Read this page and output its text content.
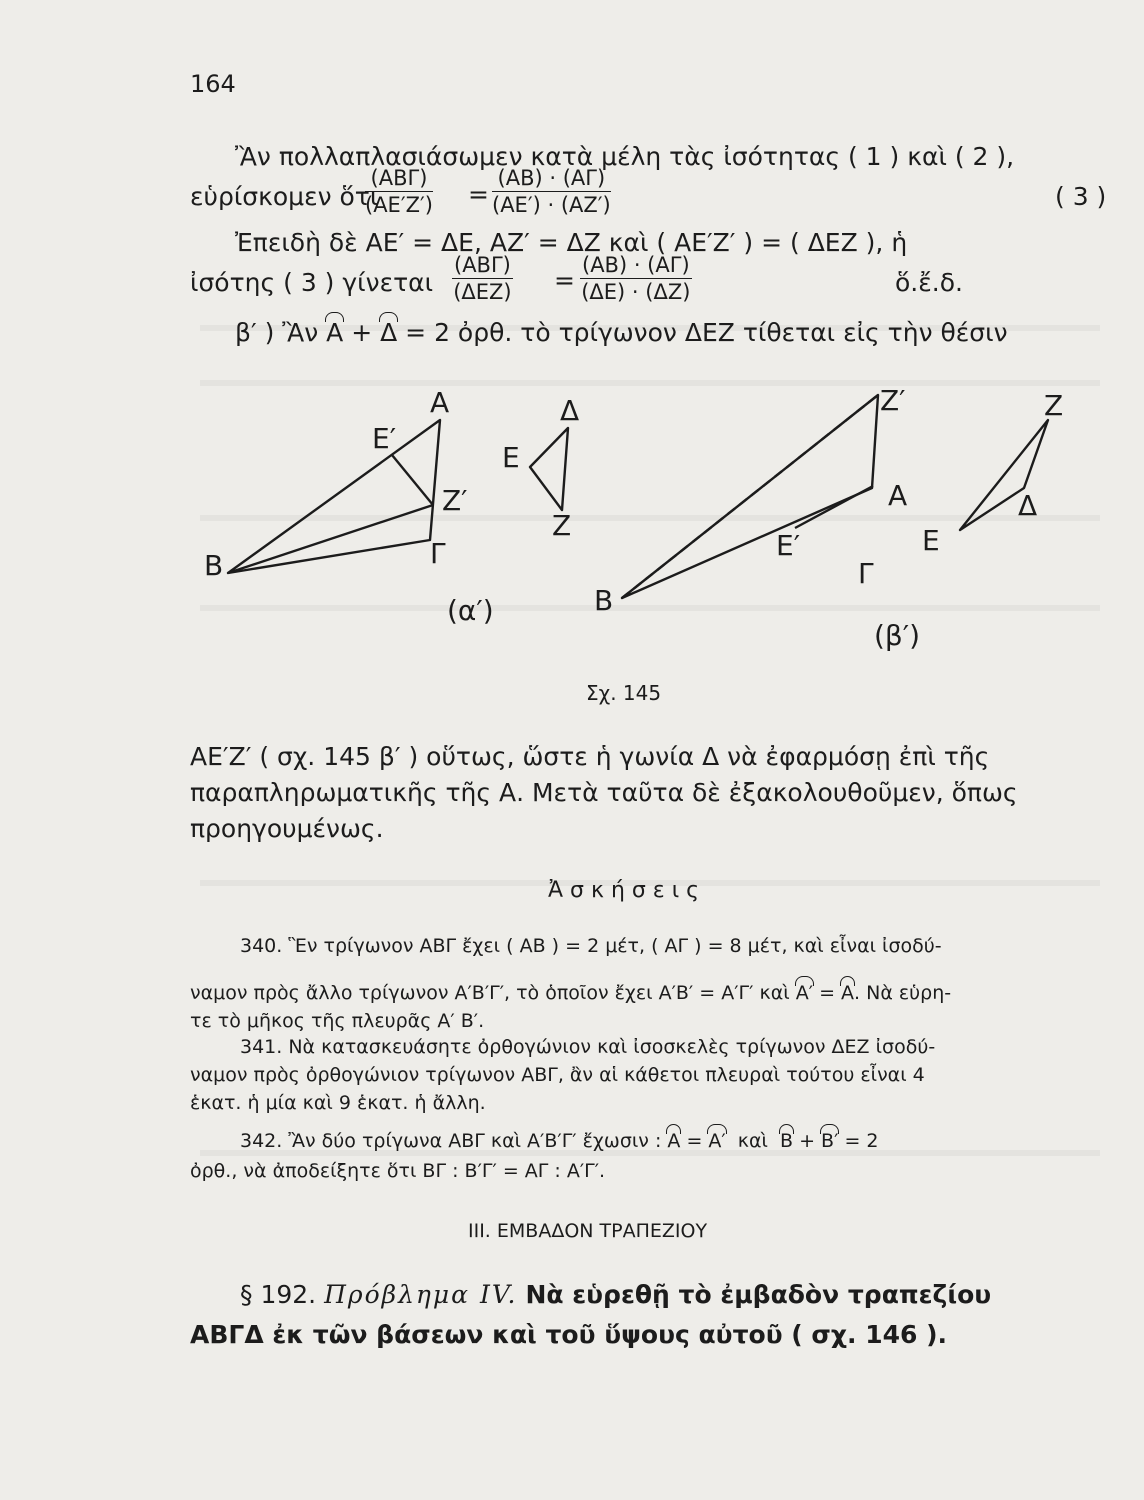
164
Ἂν πολλαπλασιάσωμεν κατὰ μέλη τὰς ἰσότητας ( 1 ) καὶ ( 2 ),
εὑρίσκομεν ὅτι
(ΑΒΓ)
$(AE'Z') = \frac{(AB) \cdot (A\Gamma)}{(AE') \cdot (AZ')}$	( 3 )
Ἐπειδὴ δὲ ΑΕ′ = ΔΕ, ΑΖ′ = ΔΖ καὶ ( ΑΕ′Ζ′ ) = ( ΔΕΖ ), ἡ
ἰσότης ( 3 ) γίνεται
(ΑΒΓ)
$(\Delta EZ) = \frac{(AB) \cdot (A\Gamma)}{(\Delta E) \cdot (\Delta Z)}$	ὅ.ἔ.δ.
β′ ) Ἂν Α + Δ = 2 ὀρθ. τὸ τρίγωνον ΔΕΖ τίθεται εἰς τὴν θέσιν
Β
Α
Ε′
Ζ′
Γ
Δ
Ε
Ζ
Β
Ζ′
Α
Ε′
Γ
Ζ
Δ
Ε
(α′)
(β′)
Σχ. 145
ΑΕ′Ζ′ ( σχ. 145 β′ ) οὕτως, ὥστε ἡ γωνία Δ νὰ ἐφαρμόσῃ ἐπὶ τῆς
παραπληρωματικῆς τῆς Α. Μετὰ ταῦτα δὲ ἐξακολουθοῦμεν, ὅπως
προηγουμένως.
Ἀ σ κ ή σ ε ι ς
340. Ἓν τρίγωνον ΑΒΓ ἔχει ( ΑΒ ) = 2 μέτ, ( ΑΓ ) = 8 μέτ, καὶ εἶναι ἰσοδύ-
ναμον πρὸς ἄλλο τρίγωνον Α′Β′Γ′, τὸ ὁποῖον ἔχει Α′Β′ = Α′Γ′ καὶ Α′ = Α. Νὰ εὑρη-
τε τὸ μῆκος τῆς πλευρᾶς Α′ Β′.
341. Νὰ κατασκευάσητε ὀρθογώνιον καὶ ἰσοσκελὲς τρίγωνον ΔΕΖ ἰσοδύ-
ναμον πρὸς ὀρθογώνιον τρίγωνον ΑΒΓ, ἂν αἱ κάθετοι πλευραὶ τούτου εἶναι 4
ἑκατ. ἡ μία καὶ 9 ἑκατ. ἡ ἄλλη.
342. Ἂν δύο τρίγωνα ΑΒΓ καὶ Α′Β′Γ′ ἔχωσιν : Α = Α′ καὶ Β + Β′ = 2
ὀρθ., νὰ ἀποδείξητε ὅτι ΒΓ : Β′Γ′ = ΑΓ : Α′Γ′.
ΙΙΙ. ΕΜΒΑΔΟΝ ΤΡΑΠΕΖΙΟΥ
§ 192. Πρόβλημα IV. Νὰ εὑρεθῇ τὸ ἐμβαδὸν τραπεζίου
ΑΒΓΔ ἐκ τῶν βάσεων καὶ τοῦ ὕψους αὐτοῦ ( σχ. 146 ).
